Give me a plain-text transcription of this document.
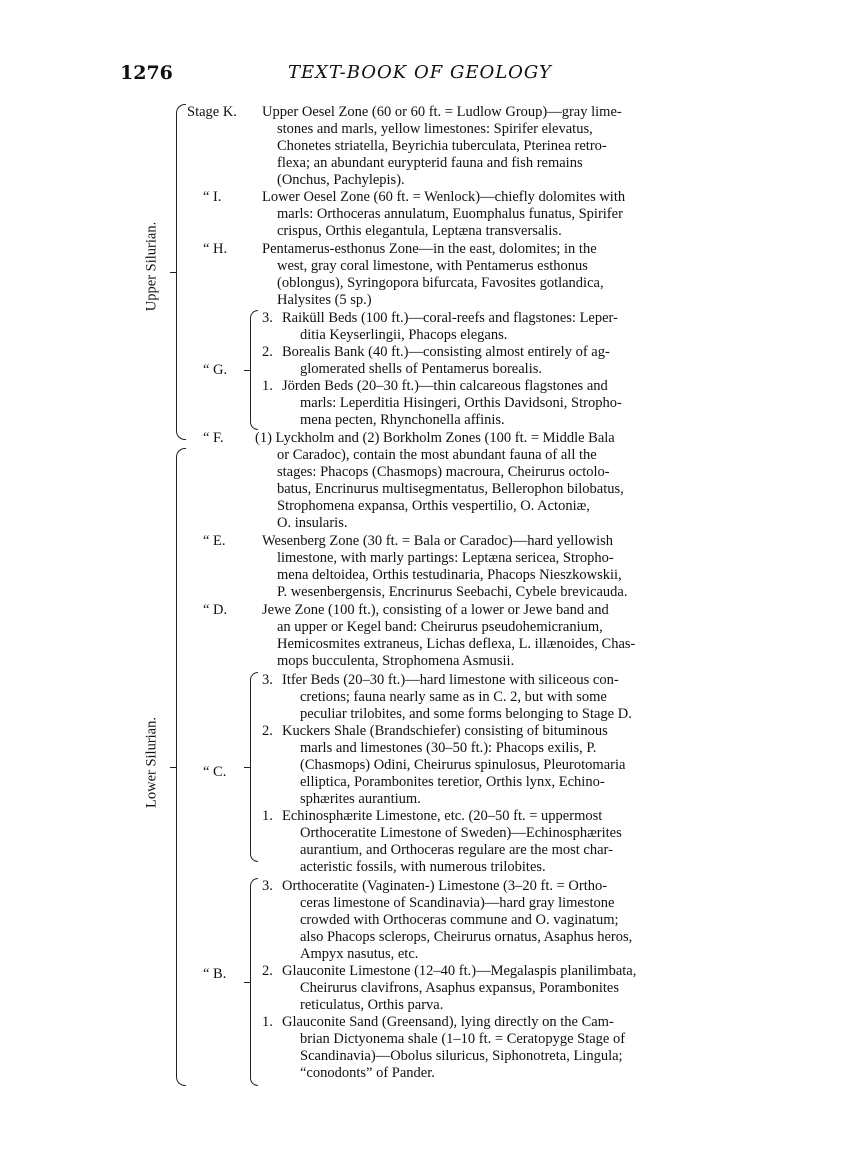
1276	TEXT-BOOK OF GEOLOGY
Upper Silurian.
Lower Silurian.
Stage K. Upper Oesel Zone (60 or 60 ft. = Ludlow Group)—gray lime-
stones and marls, yellow limestones: Spirifer elevatus,
Chonetes striatella, Beyrichia tuberculata, Pterinea retro-
flexa; an abundant eurypterid fauna and fish remains
(Onchus, Pachylepis).
“ I.	Lower Oesel Zone (60 ft. = Wenlock)—chiefly dolomites with
marls: Orthoceras annulatum, Euomphalus funatus, Spirifer
crispus, Orthis elegantula, Leptæna transversalis.
“ H. Pentamerus-esthonus Zone—in the east, dolomites; in the
west, gray coral limestone, with Pentamerus esthonus
(oblongus), Syringopora bifurcata, Favosites gotlandica,
Halysites (5 sp.)
“ G.
3. Raiküll Beds (100 ft.)—coral-reefs and flagstones: Leper-
ditia Keyserlingii, Phacops elegans.
2. Borealis Bank (40 ft.)—consisting almost entirely of ag-
glomerated shells of Pentamerus borealis.
1. Jörden Beds (20–30 ft.)—thin calcareous flagstones and
marls: Leperditia Hisingeri, Orthis Davidsoni, Stropho-
mena pecten, Rhynchonella affinis.
“ F. (1) Lyckholm and (2) Borkholm Zones (100 ft. = Middle Bala
or Caradoc), contain the most abundant fauna of all the
stages: Phacops (Chasmops) macroura, Cheirurus octolo-
batus, Encrinurus multisegmentatus, Bellerophon bilobatus,
Strophomena expansa, Orthis vespertilio, O. Actoniæ,
O. insularis.
“ E.	Wesenberg Zone (30 ft. = Bala or Caradoc)—hard yellowish
limestone, with marly partings: Leptæna sericea, Stropho-
mena deltoidea, Orthis testudinaria, Phacops Nieszkowskii,
P. wesenbergensis, Encrinurus Seebachi, Cybele brevicauda.
“ D. Jewe Zone (100 ft.), consisting of a lower or Jewe band and
an upper or Kegel band: Cheirurus pseudohemicranium,
Hemicosmites extraneus, Lichas deflexa, L. illænoides, Chas-
mops bucculenta, Strophomena Asmusii.
“ C.
3. Itfer Beds (20–30 ft.)—hard limestone with siliceous con-
cretions; fauna nearly same as in C. 2, but with some
peculiar trilobites, and some forms belonging to Stage D.
2. Kuckers Shale (Brandschiefer) consisting of bituminous
marls and limestones (30–50 ft.): Phacops exilis, P.
(Chasmops) Odini, Cheirurus spinulosus, Pleurotomaria
elliptica, Porambonites teretior, Orthis lynx, Echino-
sphærites aurantium.
1. Echinosphærite Limestone, etc. (20–50 ft. = uppermost
Orthoceratite Limestone of Sweden)—Echinosphærites
aurantium, and Orthoceras regulare are the most char-
acteristic fossils, with numerous trilobites.
“ B.
3. Orthoceratite (Vaginaten-) Limestone (3–20 ft. = Ortho-
ceras limestone of Scandinavia)—hard gray limestone
crowded with Orthoceras commune and O. vaginatum;
also Phacops sclerops, Cheirurus ornatus, Asaphus heros,
Ampyx nasutus, etc.
2. Glauconite Limestone (12–40 ft.)—Megalaspis planilimbata,
Cheirurus clavifrons, Asaphus expansus, Porambonites
reticulatus, Orthis parva.
1. Glauconite Sand (Greensand), lying directly on the Cam-
brian Dictyonema shale (1–10 ft. = Ceratopyge Stage of
Scandinavia)—Obolus siluricus, Siphonotreta, Lingula;
“conodonts” of Pander.
